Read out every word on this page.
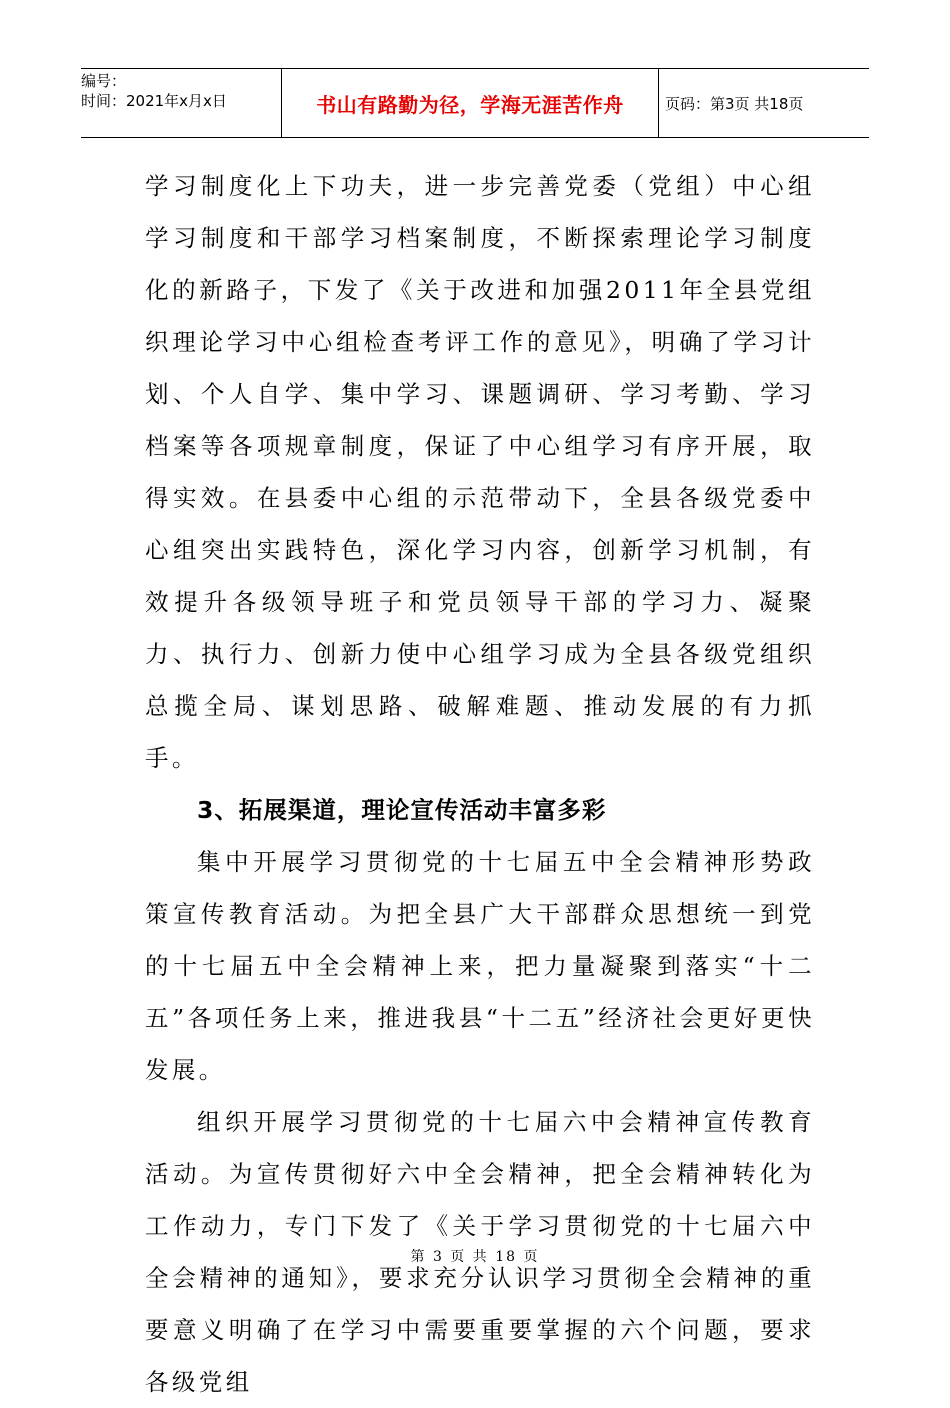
编号：
时间：2021年x月x日	书山有路勤为径，学海无涯苦作舟	页码：第3页 共18页

学习制度化上下功夫，进一步完善党委（党组）中心组学习制度和干部学习档案制度，不断探索理论学习制度化的新路子，下发了《关于改进和加强2011年全县党组织理论学习中心组检查考评工作的意见》，明确了学习计划、个人自学、集中学习、课题调研、学习考勤、学习档案等各项规章制度，保证了中心组学习有序开展，取得实效。在县委中心组的示范带动下，全县各级党委中心组突出实践特色，深化学习内容，创新学习机制，有效提升各级领导班子和党员领导干部的学习力、凝聚力、执行力、创新力使中心组学习成为全县各级党组织总揽全局、谋划思路、破解难题、推动发展的有力抓手。

3、拓展渠道，理论宣传活动丰富多彩

集中开展学习贯彻党的十七届五中全会精神形势政策宣传教育活动。为把全县广大干部群众思想统一到党的十七届五中全会精神上来，把力量凝聚到落实“十二五”各项任务上来，推进我县“十二五”经济社会更好更快发展。

组织开展学习贯彻党的十七届六中会精神宣传教育活动。为宣传贯彻好六中全会精神，把全会精神转化为工作动力，专门下发了《关于学习贯彻党的十七届六中全会精神的通知》，要求充分认识学习贯彻全会精神的重要意义明确了在学习中需要重要掌握的六个问题，要求各级党组

第 3 页 共 18 页
